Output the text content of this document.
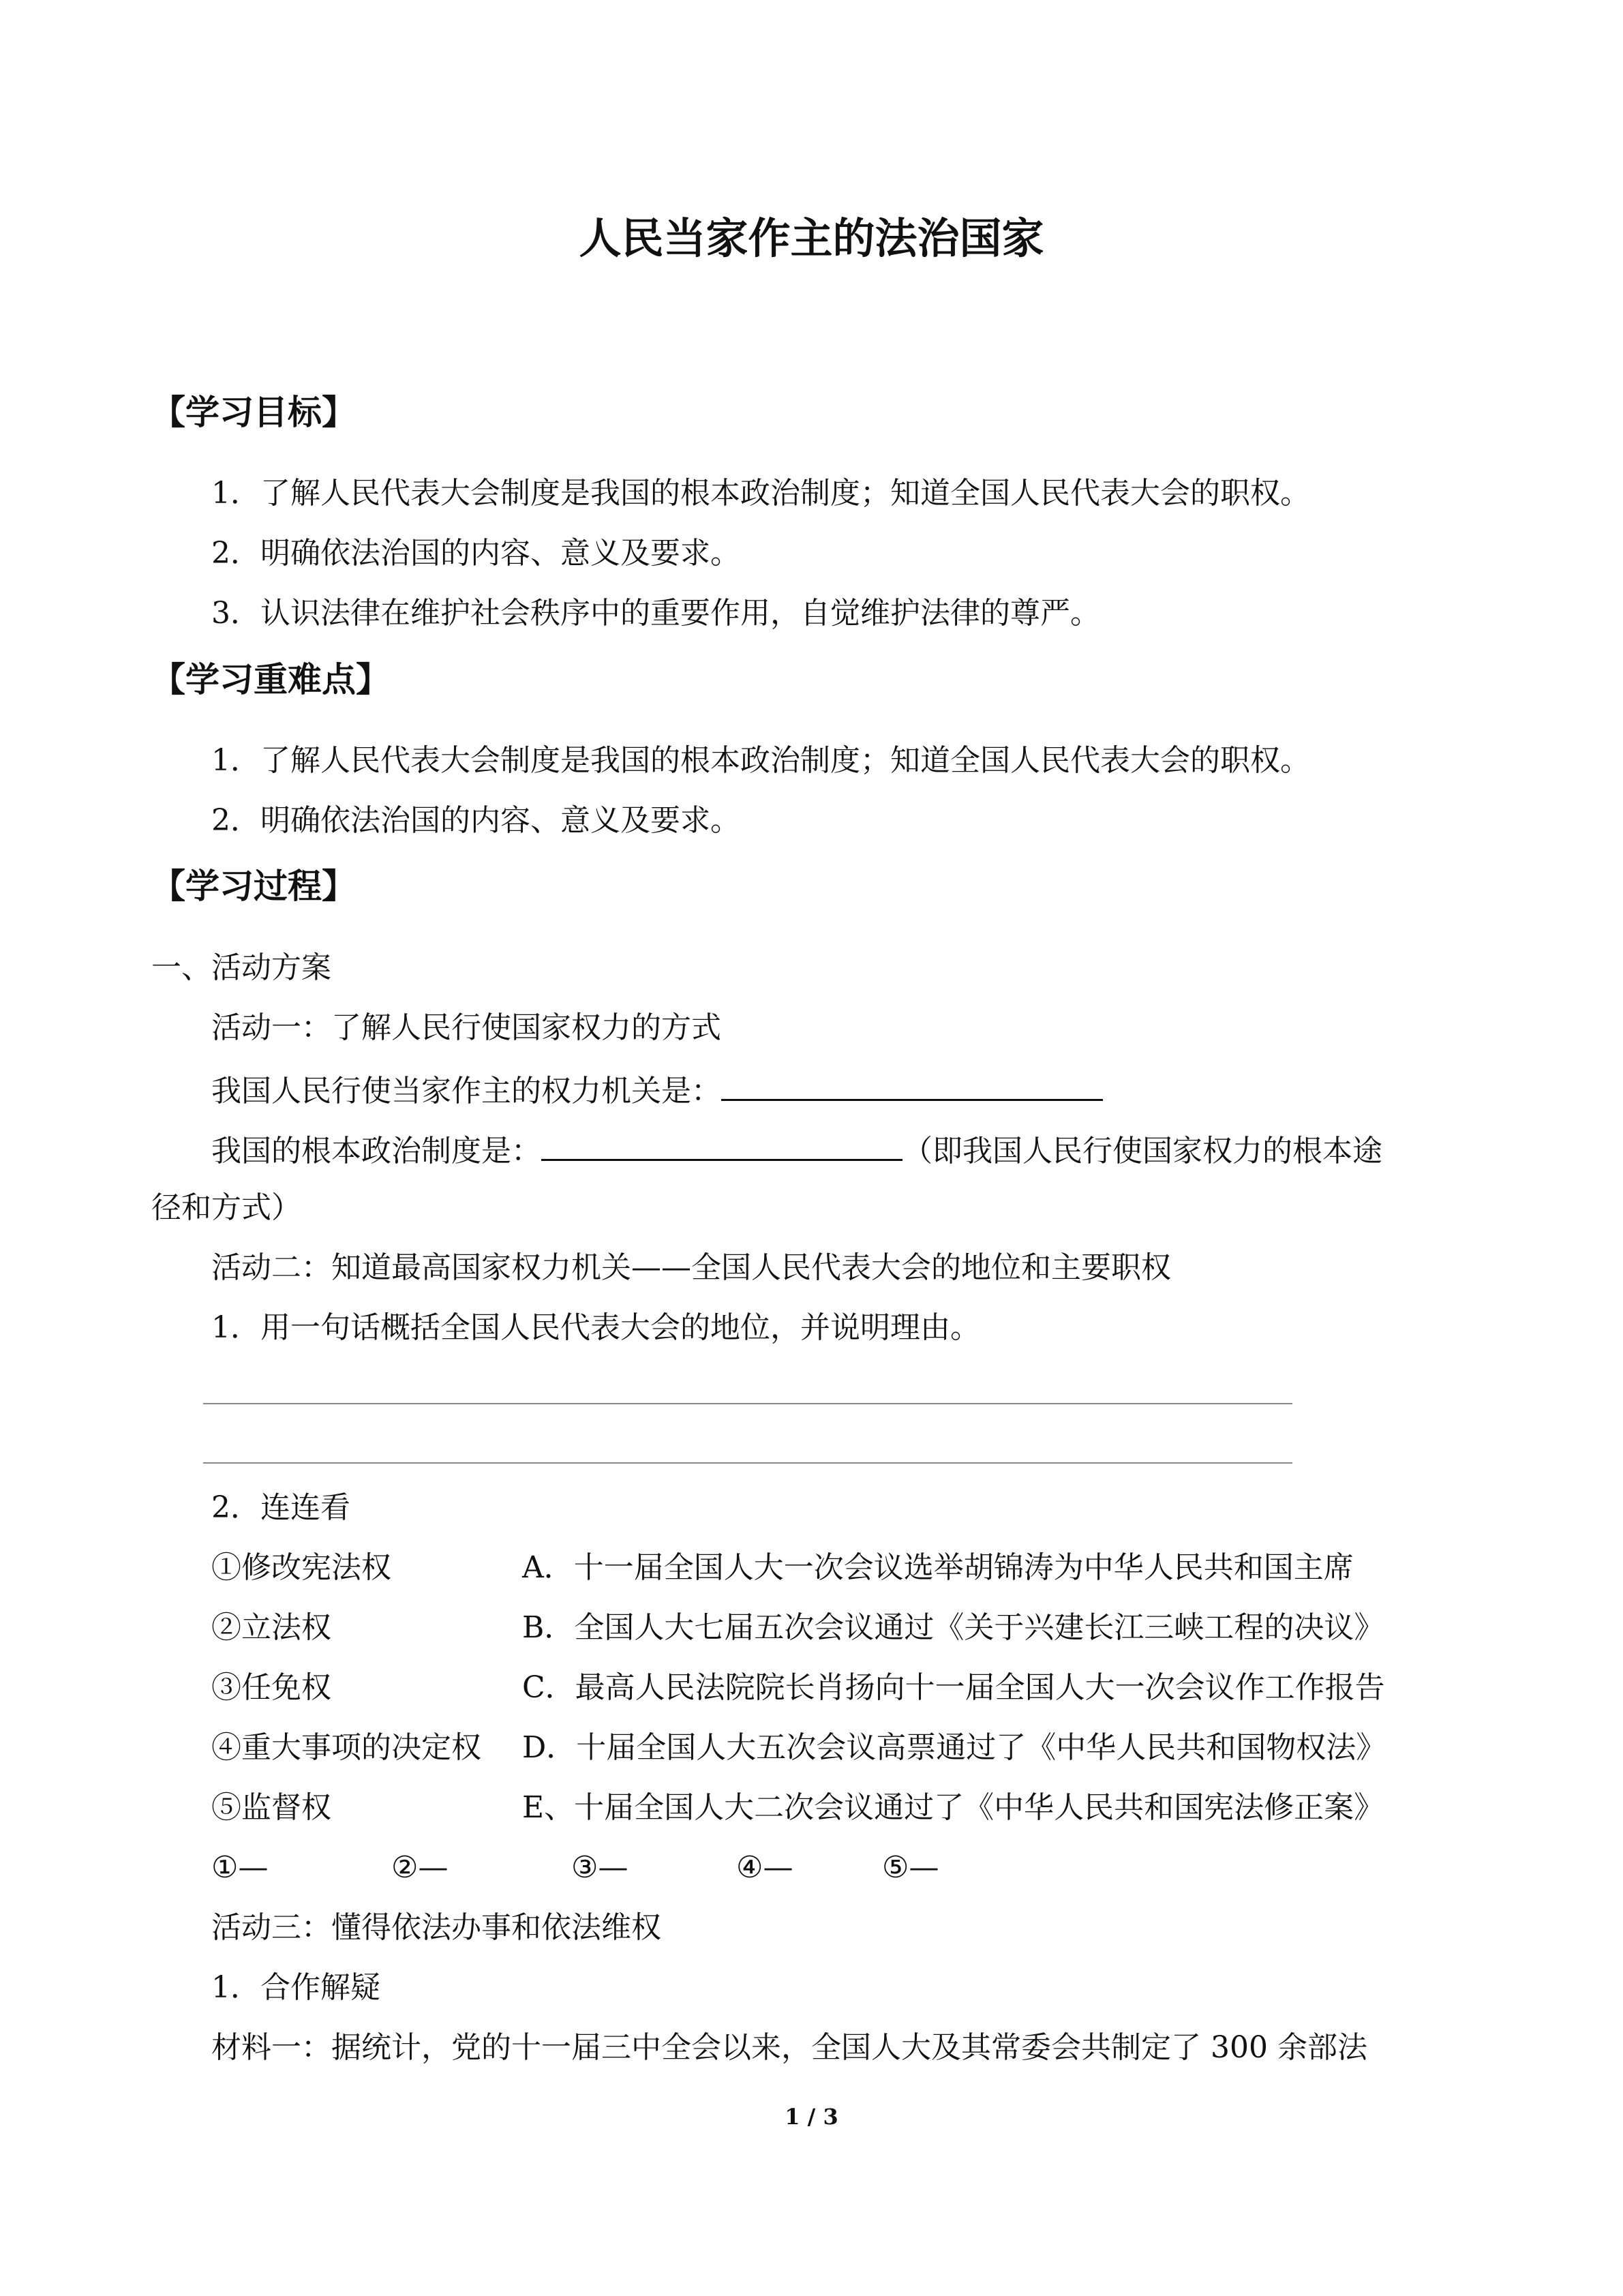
人民当家作主的法治国家
【学习目标】
1．了解人民代表大会制度是我国的根本政治制度；知道全国人民代表大会的职权。
2．明确依法治国的内容、意义及要求。
3．认识法律在维护社会秩序中的重要作用，自觉维护法律的尊严。
【学习重难点】
1．了解人民代表大会制度是我国的根本政治制度；知道全国人民代表大会的职权。
2．明确依法治国的内容、意义及要求。
【学习过程】
一、活动方案
活动一：了解人民行使国家权力的方式
我国人民行使当家作主的权力机关是：
我国的根本政治制度是：	（即我国人民行使国家权力的根本途
径和方式）
活动二：知道最高国家权力机关——全国人民代表大会的地位和主要职权
1．用一句话概括全国人民代表大会的地位，并说明理由。
2．连连看
①修改宪法权	A．十一届全国人大一次会议选举胡锦涛为中华人民共和国主席
②立法权	B．全国人大七届五次会议通过《关于兴建长江三峡工程的决议》
③任免权	C．最高人民法院院长肖扬向十一届全国人大一次会议作工作报告
④重大事项的决定权 D．十届全国人大五次会议高票通过了《中华人民共和国物权法》
⑤监督权	E、十届全国人大二次会议通过了《中华人民共和国宪法修正案》
①—	②—	③—	④—	⑤—
活动三：懂得依法办事和依法维权
1．合作解疑
材料一：据统计，党的十一届三中全会以来，全国人大及其常委会共制定了 300 余部法
1 / 3
